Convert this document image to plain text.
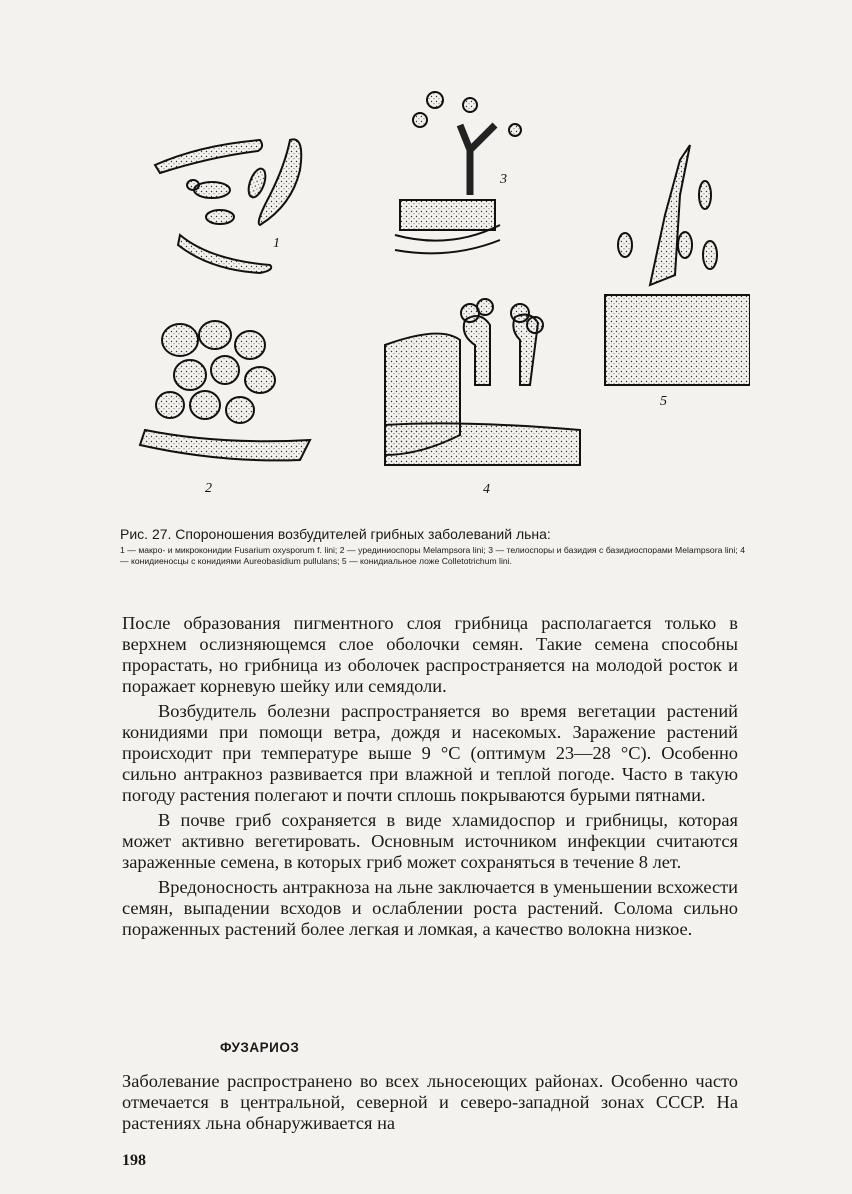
1
2
3
4
5

Рис. 27. Спороношения возбудителей грибных заболеваний льна:

1 — макро- и микроконидии Fusarium oxysporum f. lini; 2 — урединиоспоры Melampsora lini; 3 — телиоспоры и базидия с базидиоспорами Melampsora lini; 4 — конидиеносцы с конидиями Aureobasidium pullulans; 5 — конидиальное ложе Colletotrichum lini.

После образования пигментного слоя грибница располагается только в верхнем ослизняющемся слое оболочки семян. Такие семена способны прорастать, но грибница из оболочек распространяется на молодой росток и поражает корневую шейку или семядоли.

Возбудитель болезни распространяется во время вегетации растений конидиями при помощи ветра, дождя и насекомых. Заражение растений происходит при температуре выше 9 °С (оптимум 23—28 °С). Особенно сильно антракноз развивается при влажной и теплой погоде. Часто в такую погоду растения полегают и почти сплошь покрываются бурыми пятнами.

В почве гриб сохраняется в виде хламидоспор и грибницы, которая может активно вегетировать. Основным источником инфекции считаются зараженные семена, в которых гриб может сохраняться в течение 8 лет.

Вредоносность антракноза на льне заключается в уменьшении всхожести семян, выпадении всходов и ослаблении роста растений. Солома сильно пораженных растений более легкая и ломкая, а качество волокна низкое.

ФУЗАРИОЗ

Заболевание распространено во всех льносеющих районах. Особенно часто отмечается в центральной, северной и северо-западной зонах СССР. На растениях льна обнаруживается на

198
